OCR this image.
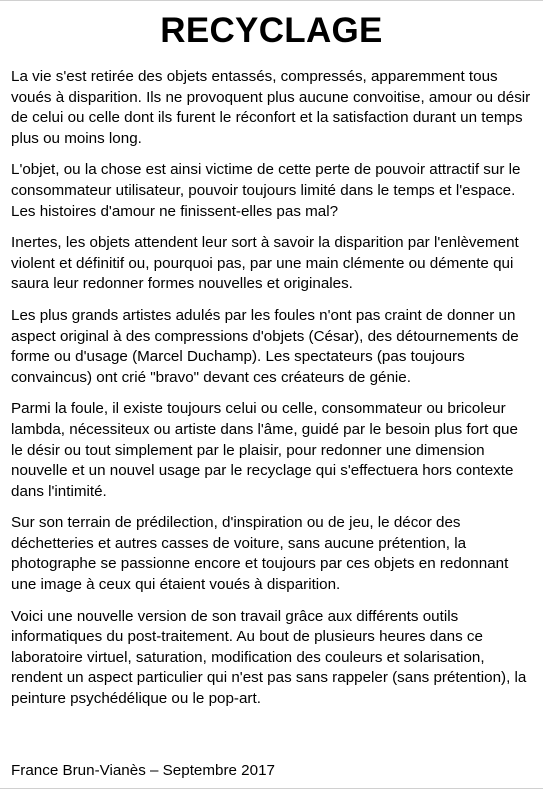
RECYCLAGE

La vie s'est retirée des objets entassés, compressés, apparemment tous voués à disparition. Ils ne provoquent plus aucune convoitise, amour ou désir de celui ou celle dont ils furent le réconfort et la satisfaction durant un temps plus ou moins long.

L'objet, ou la chose est ainsi victime de cette perte de pouvoir attractif sur le consommateur utilisateur, pouvoir toujours limité dans le temps et l'espace. Les histoires d'amour ne finissent-elles pas mal?

Inertes, les objets attendent leur sort à savoir la disparition par l'enlèvement violent et définitif ou, pourquoi pas, par une main clémente ou démente qui saura leur redonner formes nouvelles et originales.

Les plus grands artistes adulés par les foules n'ont pas craint de donner un aspect original à des compressions d'objets (César), des détournements de forme ou d'usage (Marcel Duchamp). Les spectateurs (pas toujours convaincus) ont crié "bravo" devant ces créateurs de génie.

Parmi la foule, il existe toujours celui ou celle, consommateur ou bricoleur lambda, nécessiteux ou artiste dans l'âme, guidé par le besoin plus fort que le désir ou tout simplement par le plaisir, pour redonner une dimension nouvelle et un nouvel usage par le recyclage qui s'effectuera hors contexte dans l'intimité.

Sur son terrain de prédilection, d'inspiration ou de jeu, le décor des déchetteries et autres casses de voiture, sans aucune prétention, la photographe se passionne encore et toujours par ces objets en redonnant une image à ceux qui étaient voués à disparition.

Voici une nouvelle version de son travail grâce aux différents outils informatiques du post-traitement. Au bout de plusieurs heures dans ce laboratoire virtuel, saturation, modification des couleurs et solarisation, rendent un aspect particulier qui n'est pas sans rappeler (sans prétention), la peinture psychédélique ou le pop-art.

France Brun-Vianès – Septembre 2017
